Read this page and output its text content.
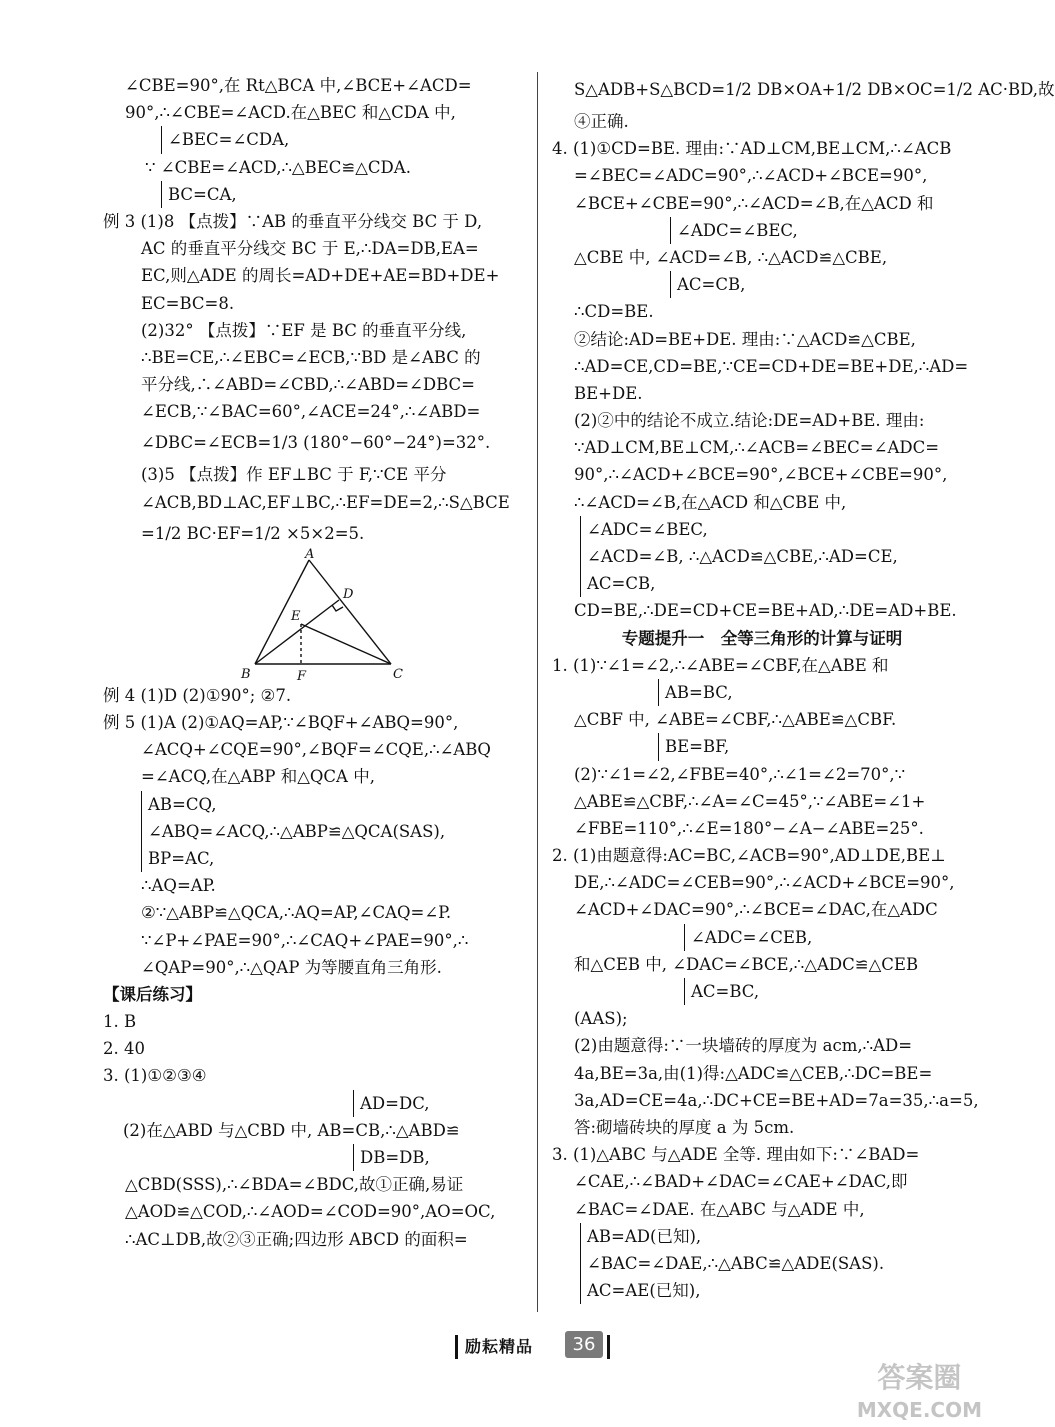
∠CBE=90°,在 Rt△BCA 中,∠BCE+∠ACD=
90°,∴∠CBE=∠ACD.在△BEC 和△CDA 中,
∠BEC=∠CDA,
∵ ∠CBE=∠ACD,∴△BEC≌△CDA.
BC=CA,
例 3 (1)8 【点拨】∵AB 的垂直平分线交 BC 于 D,
AC 的垂直平分线交 BC 于 E,∴DA=DB,EA=
EC,则△ADE 的周长=AD+DE+AE=BD+DE+
EC=BC=8.
(2)32° 【点拨】∵EF 是 BC 的垂直平分线,
∴BE=CE,∴∠EBC=∠ECB,∵BD 是∠ABC 的
平分线,∴∠ABD=∠CBD,∴∠ABD=∠DBC=
∠ECB,∵∠BAC=60°,∠ACE=24°,∴∠ABD=
∠DBC=∠ECB=1/3 (180°−60°−24°)=32°.
(3)5 【点拨】作 EF⊥BC 于 F,∵CE 平分
∠ACB,BD⊥AC,EF⊥BC,∴EF=DE=2,∴S△BCE
=1/2 BC·EF=1/2 ×5×2=5.
A
D
E
B	F	C
例 4 (1)D (2)①90°; ②7.
例 5 (1)A (2)①AQ=AP,∵∠BQF+∠ABQ=90°,
∠ACQ+∠CQE=90°,∠BQF=∠CQE,∴∠ABQ
=∠ACQ,在△ABP 和△QCA 中,
AB=CQ,
∠ABQ=∠ACQ,∴△ABP≌△QCA(SAS),
BP=AC,
∴AQ=AP.
②∵△ABP≌△QCA,∴AQ=AP,∠CAQ=∠P.
∵∠P+∠PAE=90°,∴∠CAQ+∠PAE=90°,∴
∠QAP=90°,∴△QAP 为等腰直角三角形.
【课后练习】
1. B
2. 40
3. (1)①②③④
AD=DC,
(2)在△ABD 与△CBD 中, AB=CB,∴△ABD≌
DB=DB,
△CBD(SSS),∴∠BDA=∠BDC,故①正确,易证
△AOD≌△COD,∴∠AOD=∠COD=90°,AO=OC,
∴AC⊥DB,故②③正确;四边形 ABCD 的面积=
S△ADB+S△BCD=1/2 DB×OA+1/2 DB×OC=1/2 AC·BD,故
④正确.
4. (1)①CD=BE. 理由:∵AD⊥CM,BE⊥CM,∴∠ACB
=∠BEC=∠ADC=90°,∴∠ACD+∠BCE=90°,
∠BCE+∠CBE=90°,∴∠ACD=∠B,在△ACD 和
∠ADC=∠BEC,
△CBE 中, ∠ACD=∠B, ∴△ACD≌△CBE,
AC=CB,
∴CD=BE.
②结论:AD=BE+DE. 理由:∵△ACD≌△CBE,
∴AD=CE,CD=BE,∵CE=CD+DE=BE+DE,∴AD=
BE+DE.
(2)②中的结论不成立.结论:DE=AD+BE. 理由:
∵AD⊥CM,BE⊥CM,∴∠ACB=∠BEC=∠ADC=
90°,∴∠ACD+∠BCE=90°,∠BCE+∠CBE=90°,
∴∠ACD=∠B,在△ACD 和△CBE 中,
∠ADC=∠BEC,
∠ACD=∠B, ∴△ACD≌△CBE,∴AD=CE,
AC=CB,
CD=BE,∴DE=CD+CE=BE+AD,∴DE=AD+BE.
专题提升一　全等三角形的计算与证明
1. (1)∵∠1=∠2,∴∠ABE=∠CBF,在△ABE 和
AB=BC,
△CBF 中, ∠ABE=∠CBF,∴△ABE≌△CBF.
BE=BF,
(2)∵∠1=∠2,∠FBE=40°,∴∠1=∠2=70°,∵
△ABE≌△CBF,∴∠A=∠C=45°,∵∠ABE=∠1+
∠FBE=110°,∴∠E=180°−∠A−∠ABE=25°.
2. (1)由题意得:AC=BC,∠ACB=90°,AD⊥DE,BE⊥
DE,∴∠ADC=∠CEB=90°,∴∠ACD+∠BCE=90°,
∠ACD+∠DAC=90°,∴∠BCE=∠DAC,在△ADC
∠ADC=∠CEB,
和△CEB 中, ∠DAC=∠BCE,∴△ADC≌△CEB
AC=BC,
(AAS);
(2)由题意得:∵一块墙砖的厚度为 acm,∴AD=
4a,BE=3a,由(1)得:△ADC≌△CEB,∴DC=BE=
3a,AD=CE=4a,∴DC+CE=BE+AD=7a=35,∴a=5,
答:砌墙砖块的厚度 a 为 5cm.
3. (1)△ABC 与△ADE 全等. 理由如下:∵∠BAD=
∠CAE,∴∠BAD+∠DAC=∠CAE+∠DAC,即
∠BAC=∠DAE. 在△ABC 与△ADE 中,
AB=AD(已知),
∠BAC=∠DAE,∴△ABC≌△ADE(SAS).
AC=AE(已知),
励耘精品	36
答案圈
MXQE.COM
